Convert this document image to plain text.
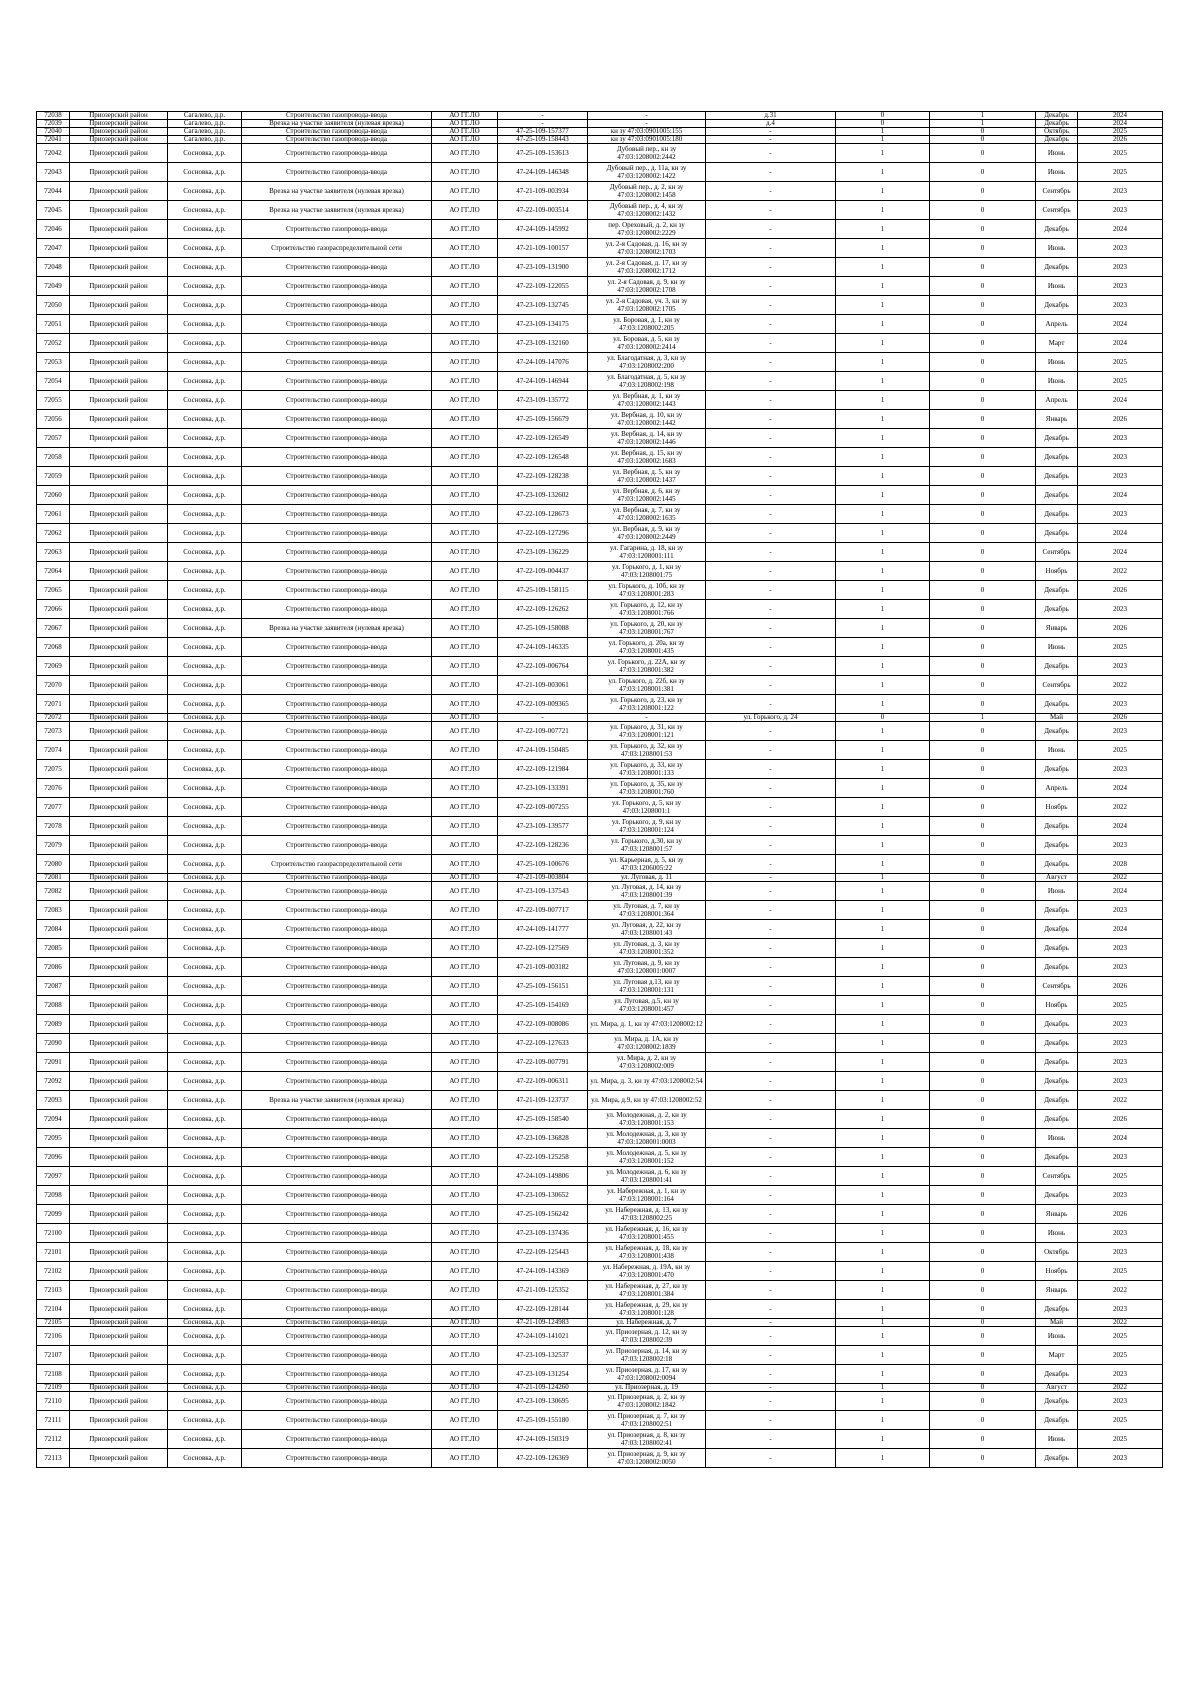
72038	Приозерский район	Сагалево, д.р.	Строительство газопровода-ввода	АО ГГ.ЛО	-	-	д.31	0	1	Декабрь	2024
72039	Приозерский район	Сагалево, д.р.	Врезка на участке заявителя (нулевая врезка)	АО ГГ.ЛО	-	-	д.4	0	1	Декабрь	2024
72040	Приозерский район	Сагалево, д.р.	Строительство газопровода-ввода	АО ГГ.ЛО	47-25-109-157377	кн зу 47:03:0901005:155	-	1	0	Октябрь	2025
72041	Приозерский район	Сагалево, д.р.	Строительство газопровода-ввода	АО ГГ.ЛО	47-25-109-158443	кн зу 47:03:0901005:180	-	1	0	Декабрь	2026
72042	Приозерский район	Сосновка, д.р.	Строительство газопровода-ввода	АО ГГ.ЛО	47-25-109-153613	Дубовый пер., кн зу 47:03:1208002:2442	-	1	0	Июнь	2025
72043	Приозерский район	Сосновка, д.р.	Строительство газопровода-ввода	АО ГГ.ЛО	47-24-109-146348	Дубовый пер., д. 11а, кн зу 47:03:1208002:1422	-	1	0	Июнь	2025
72044	Приозерский район	Сосновка, д.р.	Врезка на участке заявителя (нулевая врезка)	АО ГГ.ЛО	47-21-109-003934	Дубовый пер., д. 2, кн зу 47:03:1208002:1458	-	1	0	Сентябрь	2023
72045	Приозерский район	Сосновка, д.р.	Врезка на участке заявителя (нулевая врезка)	АО ГГ.ЛО	47-22-109-003514	Дубовый пер., д. 4, кн зу 47:03:1208002:1432	-	1	0	Сентябрь	2023
72046	Приозерский район	Сосновка, д.р.	Строительство газопровода-ввода	АО ГГ.ЛО	47-24-109-145992	пер. Ореховый, д. 2, кн зу 47:03:1208002:2229	-	1	0	Декабрь	2024
72047	Приозерский район	Сосновка, д.р.	Строительство газораспределительной сети	АО ГГ.ЛО	47-21-109-100157	ул. 2-я Садовая, д. 16, кн зу 47:03:1208002:1703	-	1	0	Июнь	2023
72048	Приозерский район	Сосновка, д.р.	Строительство газопровода-ввода	АО ГГ.ЛО	47-23-109-131900	ул. 2-я Садовая, д. 17, кн зу 47:03:1208002:1712	-	1	0	Декабрь	2023
72049	Приозерский район	Сосновка, д.р.	Строительство газопровода-ввода	АО ГГ.ЛО	47-22-109-122055	ул. 2-я Садовая, д. 9, кн зу 47:03:1208002:1708	-	1	0	Июнь	2023
72050	Приозерский район	Сосновка, д.р.	Строительство газопровода-ввода	АО ГГ.ЛО	47-23-109-132745	ул. 2-я Садовая, уч. 3, кн зу 47:03:1208002:1705	-	1	0	Декабрь	2023
72051	Приозерский район	Сосновка, д.р.	Строительство газопровода-ввода	АО ГГ.ЛО	47-23-109-134175	ул. Боровая, д. 1, кн зу 47:03:1208002:205	-	1	0	Апрель	2024
72052	Приозерский район	Сосновка, д.р.	Строительство газопровода-ввода	АО ГГ.ЛО	47-23-109-132160	ул. Боровая, д. 5, кн зу 47:03:1208002:2414	-	1	0	Март	2024
72053	Приозерский район	Сосновка, д.р.	Строительство газопровода-ввода	АО ГГ.ЛО	47-24-109-147076	ул. Благодатная, д. 3, кн зу 47:03:1208002:200	-	1	0	Июнь	2025
72054	Приозерский район	Сосновка, д.р.	Строительство газопровода-ввода	АО ГГ.ЛО	47-24-109-146944	ул. Благодатная, д. 5, кн зу 47:03:1208002:198	-	1	0	Июнь	2025
72055	Приозерский район	Сосновка, д.р.	Строительство газопровода-ввода	АО ГГ.ЛО	47-23-109-135772	ул. Вербная, д. 1, кн зу 47:03:1208002:1443	-	1	0	Апрель	2024
72056	Приозерский район	Сосновка, д.р.	Строительство газопровода-ввода	АО ГГ.ЛО	47-25-109-156679	ул. Вербная, д. 10, кн зу 47:03:1208002:1442	-	1	0	Январь	2026
72057	Приозерский район	Сосновка, д.р.	Строительство газопровода-ввода	АО ГГ.ЛО	47-22-109-126549	ул. Вербная, д. 14, кн зу 47:03:1208002:1446	-	1	0	Декабрь	2023
72058	Приозерский район	Сосновка, д.р.	Строительство газопровода-ввода	АО ГГ.ЛО	47-22-109-126548	ул. Вербная, д. 15, кн зу 47:03:1208002:1683	-	1	0	Декабрь	2023
72059	Приозерский район	Сосновка, д.р.	Строительство газопровода-ввода	АО ГГ.ЛО	47-22-109-128238	ул. Вербная, д. 5, кн зу 47:03:1208002:1437	-	1	0	Декабрь	2023
72060	Приозерский район	Сосновка, д.р.	Строительство газопровода-ввода	АО ГГ.ЛО	47-23-109-132602	ул. Вербная, д. 6, кн зу 47:03:1208002:1445	-	1	0	Декабрь	2024
72061	Приозерский район	Сосновка, д.р.	Строительство газопровода-ввода	АО ГГ.ЛО	47-22-109-128673	ул. Вербная, д. 7, кн зу 47:03:1208002:1635	-	1	0	Декабрь	2023
72062	Приозерский район	Сосновка, д.р.	Строительство газопровода-ввода	АО ГГ.ЛО	47-22-109-127296	ул. Вербная, д. 9, кн зу 47:03:1208002:2449	-	1	0	Декабрь	2024
72063	Приозерский район	Сосновка, д.р.	Строительство газопровода-ввода	АО ГГ.ЛО	47-23-109-136229	ул. Гагарина, д. 18, кн зу 47:03:1208001:111	-	1	0	Сентябрь	2024
72064	Приозерский район	Сосновка, д.р.	Строительство газопровода-ввода	АО ГГ.ЛО	47-22-109-004437	ул. Горького, д. 1, кн зу 47:03:1208001:75	-	1	0	Ноябрь	2022
72065	Приозерский район	Сосновка, д.р.	Строительство газопровода-ввода	АО ГГ.ЛО	47-25-109-158115	ул. Горького, д. 10б, кн зу 47:03:1208001:283	-	1	0	Декабрь	2026
72066	Приозерский район	Сосновка, д.р.	Строительство газопровода-ввода	АО ГГ.ЛО	47-22-109-126262	ул. Горького, д. 12, кн зу 47:03:1208001:766	-	1	0	Декабрь	2023
72067	Приозерский район	Сосновка, д.р.	Врезка на участке заявителя (нулевая врезка)	АО ГГ.ЛО	47-25-109-158088	ул. Горького, д. 20, кн зу 47:03:1208001:767	-	1	0	Январь	2026
72068	Приозерский район	Сосновка, д.р.	Строительство газопровода-ввода	АО ГГ.ЛО	47-24-109-146335	ул. Горького, д. 20а, кн зу 47:03:1208001:435	-	1	0	Июнь	2025
72069	Приозерский район	Сосновка, д.р.	Строительство газопровода-ввода	АО ГГ.ЛО	47-22-109-006764	ул. Горького, д. 22А, кн зу 47:03:1208001:382	-	1	0	Декабрь	2023
72070	Приозерский район	Сосновка, д.р.	Строительство газопровода-ввода	АО ГГ.ЛО	47-21-109-003061	ул. Горького, д. 22б, кн зу 47:03:1208001:381	-	1	0	Сентябрь	2022
72071	Приозерский район	Сосновка, д.р.	Строительство газопровода-ввода	АО ГГ.ЛО	47-22-109-009365	ул. Горького, д. 23, кн зу 47:03:1208001:122	-	1	0	Декабрь	2023
72072	Приозерский район	Сосновка, д.р.	Строительство газопровода-ввода	АО ГГ.ЛО	-	-	ул. Горького, д. 24	0	1	Май	2026
72073	Приозерский район	Сосновка, д.р.	Строительство газопровода-ввода	АО ГГ.ЛО	47-22-109-007721	ул. Горького, д. 31, кн зу 47:03:1208001:121	-	1	0	Декабрь	2023
72074	Приозерский район	Сосновка, д.р.	Строительство газопровода-ввода	АО ГГ.ЛО	47-24-109-150485	ул. Горького, д. 32, кн зу 47:03:1208001:53	-	1	0	Июнь	2025
72075	Приозерский район	Сосновка, д.р.	Строительство газопровода-ввода	АО ГГ.ЛО	47-22-109-121984	ул. Горького, д. 33, кн зу 47:03:1208001:133	-	1	0	Декабрь	2023
72076	Приозерский район	Сосновка, д.р.	Строительство газопровода-ввода	АО ГГ.ЛО	47-23-109-133391	ул. Горького, д. 35, кн зу 47:03:1208001:760	-	1	0	Апрель	2024
72077	Приозерский район	Сосновка, д.р.	Строительство газопровода-ввода	АО ГГ.ЛО	47-22-109-007255	ул. Горького, д. 5, кн зу 47:03:1208001:1	-	1	0	Ноябрь	2022
72078	Приозерский район	Сосновка, д.р.	Строительство газопровода-ввода	АО ГГ.ЛО	47-23-109-139577	ул. Горького, д. 9, кн зу 47:03:1208001:124	-	1	0	Декабрь	2024
72079	Приозерский район	Сосновка, д.р.	Строительство газопровода-ввода	АО ГГ.ЛО	47-22-109-128236	ул. Горького, д.30, кн зу 47:03:1208001:57	-	1	0	Декабрь	2023
72080	Приозерский район	Сосновка, д.р.	Строительство газораспределительной сети	АО ГГ.ЛО	47-25-109-100676	ул. Карьерная, д. 5, кн зу 47:03:1206005:22	-	1	0	Декабрь	2028
72081	Приозерский район	Сосновка, д.р.	Строительство газопровода-ввода	АО ГГ.ЛО	47-21-109-003804	ул. Луговая, д. 11	-	1	0	Август	2022
72082	Приозерский район	Сосновка, д.р.	Строительство газопровода-ввода	АО ГГ.ЛО	47-23-109-137543	ул. Луговая, д. 14, кн зу 47:03:1208001:39	-	1	0	Июнь	2024
72083	Приозерский район	Сосновка, д.р.	Строительство газопровода-ввода	АО ГГ.ЛО	47-22-109-007717	ул. Луговая, д. 7, кн зу 47:03:1208001:364	-	1	0	Декабрь	2023
72084	Приозерский район	Сосновка, д.р.	Строительство газопровода-ввода	АО ГГ.ЛО	47-24-109-141777	ул. Луговая, д. 22, кн зу 47:03:1208001:43	-	1	0	Декабрь	2024
72085	Приозерский район	Сосновка, д.р.	Строительство газопровода-ввода	АО ГГ.ЛО	47-22-109-127569	ул. Луговая, д. 3, кн зу 47:03:1208001:352	-	1	0	Декабрь	2023
72086	Приозерский район	Сосновка, д.р.	Строительство газопровода-ввода	АО ГГ.ЛО	47-21-109-003182	ул. Луговая, д. 9, кн зу 47:03:1208001:0007	-	1	0	Декабрь	2023
72087	Приозерский район	Сосновка, д.р.	Строительство газопровода-ввода	АО ГГ.ЛО	47-25-109-156151	ул. Луговая д.13, кн зу 47:03:1208001:131	-	1	0	Сентябрь	2026
72088	Приозерский район	Сосновка, д.р.	Строительство газопровода-ввода	АО ГГ.ЛО	47-25-109-154169	ул. Луговая, д.5, кн зу 47:03:1208001:457	-	1	0	Ноябрь	2025
72089	Приозерский район	Сосновка, д.р.	Строительство газопровода-ввода	АО ГГ.ЛО	47-22-109-008086	ул. Мира, д. 1, кн зу 47:03:1208002:12	-	1	0	Декабрь	2023
72090	Приозерский район	Сосновка, д.р.	Строительство газопровода-ввода	АО ГГ.ЛО	47-22-109-127633	ул. Мира, д. 1А, кн зу 47:03:1208002:1839	-	1	0	Декабрь	2023
72091	Приозерский район	Сосновка, д.р.	Строительство газопровода-ввода	АО ГГ.ЛО	47-22-109-007791	ул. Мира, д. 2, кн зу 47:03:1208002:009	-	1	0	Декабрь	2023
72092	Приозерский район	Сосновка, д.р.	Строительство газопровода-ввода	АО ГГ.ЛО	47-22-109-006311	ул. Мира, д. 3, кн зу 47:03:1208002:54	-	1	0	Декабрь	2023
72093	Приозерский район	Сосновка, д.р.	Врезка на участке заявителя (нулевая врезка)	АО ГГ.ЛО	47-21-109-123737	ул. Мира, д.9, кн зу 47:03:1208002:52	-	1	0	Декабрь	2022
72094	Приозерский район	Сосновка, д.р.	Строительство газопровода-ввода	АО ГГ.ЛО	47-25-109-158540	ул. Молодежная, д. 2, кн зу 47:03:1208001:153	-	1	0	Декабрь	2026
72095	Приозерский район	Сосновка, д.р.	Строительство газопровода-ввода	АО ГГ.ЛО	47-23-109-136828	ул. Молодежная, д. 3, кн зу 47:03:1208001:0003	-	1	0	Июнь	2024
72096	Приозерский район	Сосновка, д.р.	Строительство газопровода-ввода	АО ГГ.ЛО	47-22-109-125258	ул. Молодежная, д. 5, кн зу 47:03:1208001:152	-	1	0	Декабрь	2023
72097	Приозерский район	Сосновка, д.р.	Строительство газопровода-ввода	АО ГГ.ЛО	47-24-109-149806	ул. Молодежная, д. 6, кн зу 47:03:1208001:41	-	1	0	Сентябрь	2025
72098	Приозерский район	Сосновка, д.р.	Строительство газопровода-ввода	АО ГГ.ЛО	47-23-109-130652	ул. Набережная, д. 1, кн зу 47:03:1208001:164	-	1	0	Декабрь	2023
72099	Приозерский район	Сосновка, д.р.	Строительство газопровода-ввода	АО ГГ.ЛО	47-25-109-156242	ул. Набережная, д. 13, кн зу 47:03:1208002:25	-	1	0	Январь	2026
72100	Приозерский район	Сосновка, д.р.	Строительство газопровода-ввода	АО ГГ.ЛО	47-23-109-137436	ул. Набережная, д. 16, кн зу 47:03:1208001:455	-	1	0	Июнь	2023
72101	Приозерский район	Сосновка, д.р.	Строительство газопровода-ввода	АО ГГ.ЛО	47-22-109-125443	ул. Набережная, д. 18, кн зу 47:03:1208001:438	-	1	0	Октябрь	2023
72102	Приозерский район	Сосновка, д.р.	Строительство газопровода-ввода	АО ГГ.ЛО	47-24-109-143369	ул. Набережная, д. 19А, кн зу 47:03:1208001:470	-	1	0	Ноябрь	2025
72103	Приозерский район	Сосновка, д.р.	Строительство газопровода-ввода	АО ГГ.ЛО	47-21-109-125352	ул. Набережная, д. 27, кн зу 47:03:1208001:384	-	1	0	Январь	2022
72104	Приозерский район	Сосновка, д.р.	Строительство газопровода-ввода	АО ГГ.ЛО	47-22-109-128144	ул. Набережная, д. 29, кн зу 47:03:1208001:128	-	1	0	Декабрь	2023
72105	Приозерский район	Сосновка, д.р.	Строительство газопровода-ввода	АО ГГ.ЛО	47-21-109-124983	ул. Набережная, д. 7	-	1	0	Май	2022
72106	Приозерский район	Сосновка, д.р.	Строительство газопровода-ввода	АО ГГ.ЛО	47-24-109-141021	ул. Приозерная, д. 12, кн зу 47:03:1208002:39	-	1	0	Июнь	2025
72107	Приозерский район	Сосновка, д.р.	Строительство газопровода-ввода	АО ГГ.ЛО	47-23-109-132537	ул. Приозерная, д. 14, кн зу 47:03:1208002:18	-	1	0	Март	2025
72108	Приозерский район	Сосновка, д.р.	Строительство газопровода-ввода	АО ГГ.ЛО	47-23-109-131254	ул. Приозерная, д. 17, кн зу 47:03:1208002:0094	-	1	0	Декабрь	2023
72109	Приозерский район	Сосновка, д.р.	Строительство газопровода-ввода	АО ГГ.ЛО	47-21-109-124260	ул. Приозерная, д. 19	-	1	0	Август	2022
72110	Приозерский район	Сосновка, д.р.	Строительство газопровода-ввода	АО ГГ.ЛО	47-23-109-130695	ул. Приозерная, д. 2, кн зу 47:03:1208002:1842	-	1	0	Декабрь	2023
72111	Приозерский район	Сосновка, д.р.	Строительство газопровода-ввода	АО ГГ.ЛО	47-25-109-155180	ул. Приозерная, д. 7, кн зу 47:03:1208002:51	-	1	0	Декабрь	2025
72112	Приозерский район	Сосновка, д.р.	Строительство газопровода-ввода	АО ГГ.ЛО	47-24-109-150319	ул. Приозерная, д. 8, кн зу 47:03:1208002:41	-	1	0	Июнь	2025
72113	Приозерский район	Сосновка, д.р.	Строительство газопровода-ввода	АО ГГ.ЛО	47-22-109-126369	ул. Приозерная, д. 9, кн зу 47:03:1208002:0050	-	1	0	Декабрь	2023
